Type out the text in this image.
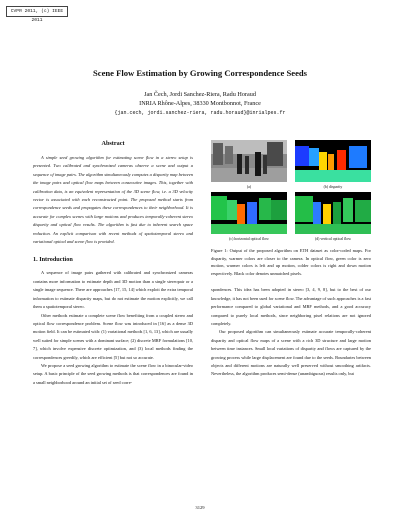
CVPR 2011, (c) IEEE 2011
Scene Flow Estimation by Growing Correspondence Seeds
Jan Čech, Jordi Sanchez-Riera, Radu Horaud
INRIA Rhône-Alpes, 38330 Montbonnot, France
{jan.cech, jordi.sanchez-riera, radu.horaud}@inrialpes.fr
Abstract

A simple seed growing algorithm for estimating scene flow in a stereo setup is presented. Two calibrated and synchronized cameras observe a scene and output a sequence of image pairs. The algorithm simultaneously computes a disparity map between the image pairs and optical flow maps between consecutive images. This, together with calibration data, is an equivalent representation of the 3D scene flow, i.e. a 3D velocity vector is associated with each reconstructed point. The proposed method starts from correspondence seeds and propagates these correspondences to their neighborhood. It is accurate for complex scenes with large motions and produces temporally-coherent stereo disparity and optical flow results. The algorithm is fast due to inherent search space reduction. An explicit comparison with recent methods of spatiotemporal stereo and variational optical and scene flow is provided.

1. Introduction

A sequence of image pairs gathered with calibrated and synchronized cameras contains more information to estimate depth and 3D motion than a single stereopair or a single image sequence. There are approaches [17, 15, 14] which exploit the extra temporal information to estimate disparity maps, but do not estimate the motion explicitly, we call them a spatiotemporal stereo.

Other methods estimate a complete scene flow benefiting from a coupled stereo and optical flow correspondence problem. Scene flow was introduced in [16] as a dense 3D motion field. It can be estimated with: (1) variational methods [1, 6, 13], which are usually well suited for simple scenes with a dominant surface; (2) discrete MRF formulations [10, 7], which involve expensive discrete optimization, and (3) local methods finding the correspondences greedily, which are efficient [5] but not so accurate.

We propose a seed growing algorithm to estimate the scene flow in a binocular-video setup. A basic principle of the seed growing methods is that correspondences are found in a small neighborhood around an initial set of seed corre-

(a)	(b) disparity
(c) horizontal optical flow	(d) vertical optical flow

Figure 1: Output of the proposed algorithm on ETH dataset as color-coded maps. For disparity, warmer colors are closer to the camera. In optical flow, green color is zero motion, warmer colors is left and up motion, colder colors is right and down motion respectively. Black color denotes unmatched pixels.

spondences. This idea has been adopted in stereo [3, 4, 9, 8], but to the best of our knowledge, it has not been used for scene flow. The advantage of such approaches is a fast performance compared to global variational and MRF methods, and a good accuracy compared to purely local methods, since neighboring pixel relations are not ignored completely.

Our proposed algorithm can simultaneously estimate accurate temporally-coherent disparity and optical flow maps of a scene with a rich 3D structure and large motion between time instances. Small local variations of disparity and flows are captured by the growing process while large displacement are found due to the seeds. Boundaries between objects and different motions are naturally well preserved without smoothing artifacts. Nevertheless, the algorithm produces semi-dense (unambiguous) results only, but

3129
